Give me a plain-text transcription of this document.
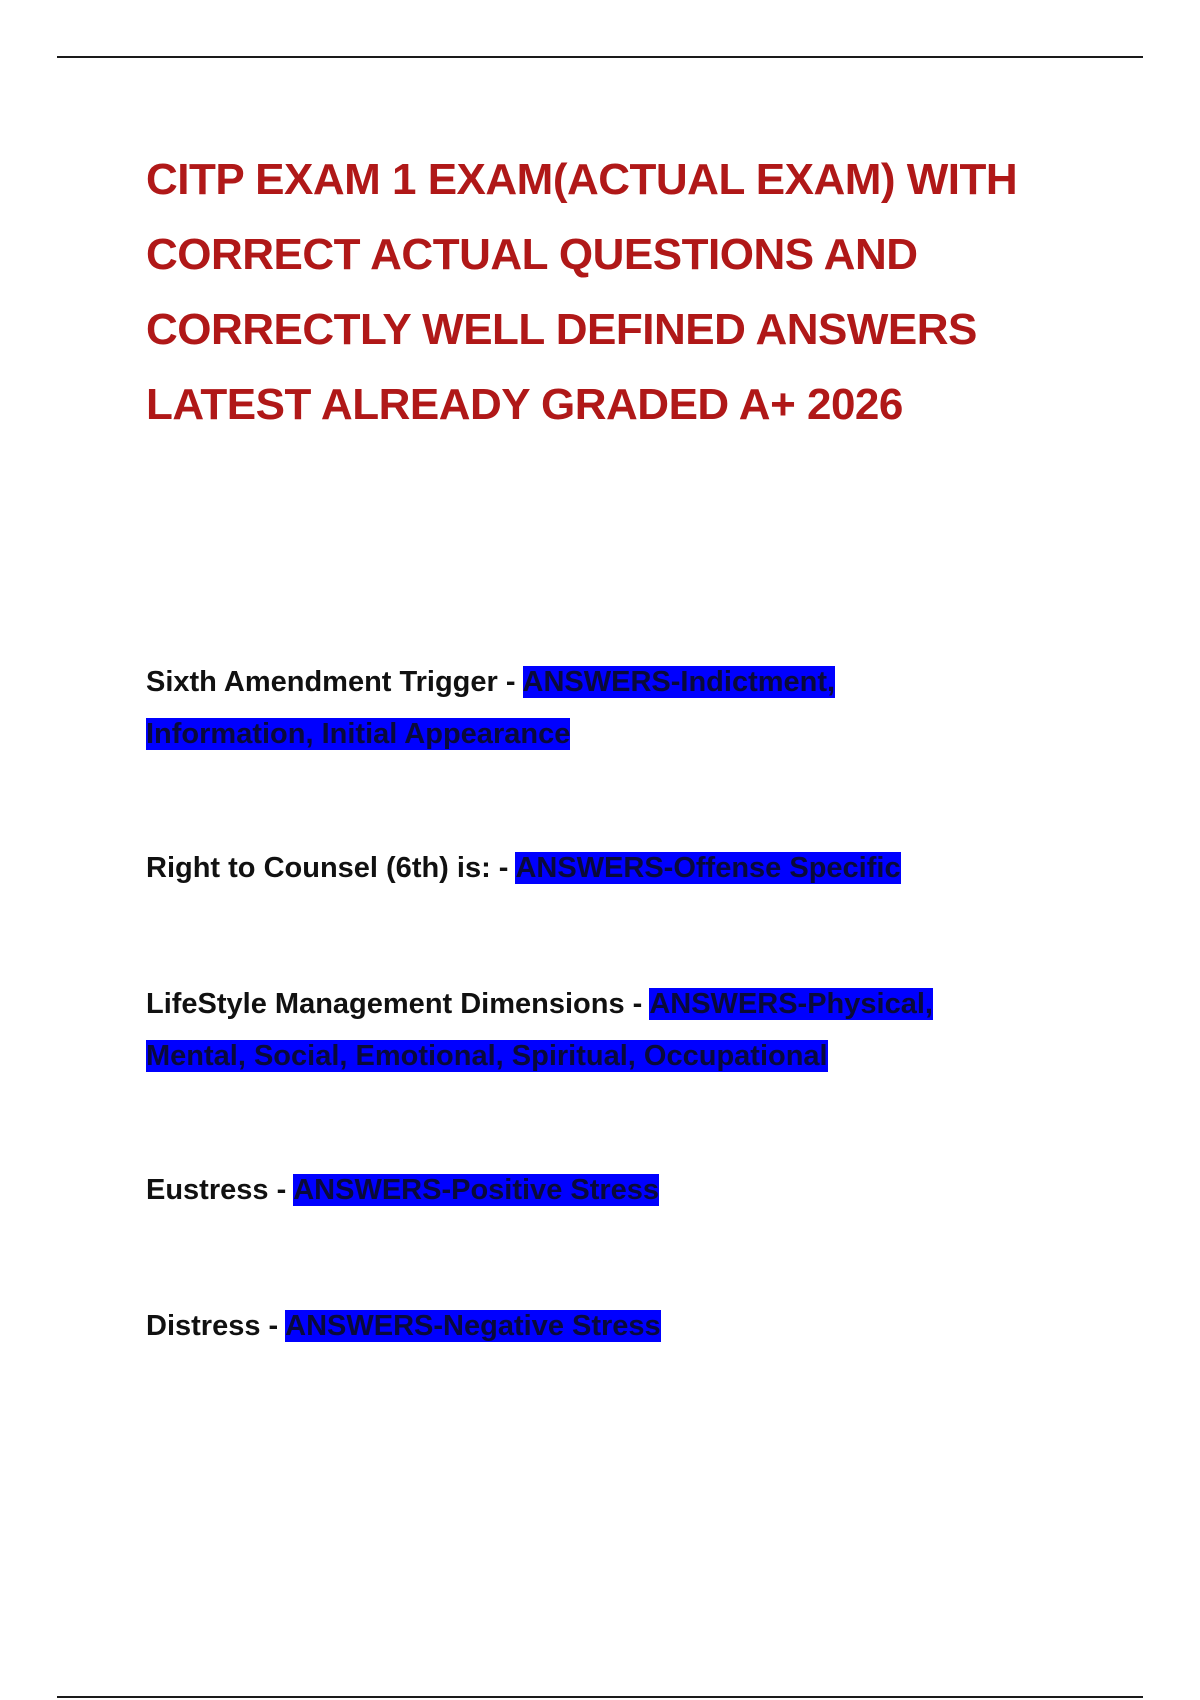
CITP EXAM 1 EXAM(ACTUAL EXAM) WITH CORRECT ACTUAL QUESTIONS AND CORRECTLY WELL DEFINED ANSWERS LATEST ALREADY GRADED A+ 2026

Sixth Amendment Trigger - ANSWERS-Indictment, Information, Initial Appearance

Right to Counsel (6th) is: - ANSWERS-Offense Specific

LifeStyle Management Dimensions - ANSWERS-Physical, Mental, Social, Emotional, Spiritual, Occupational

Eustress - ANSWERS-Positive Stress

Distress - ANSWERS-Negative Stress
